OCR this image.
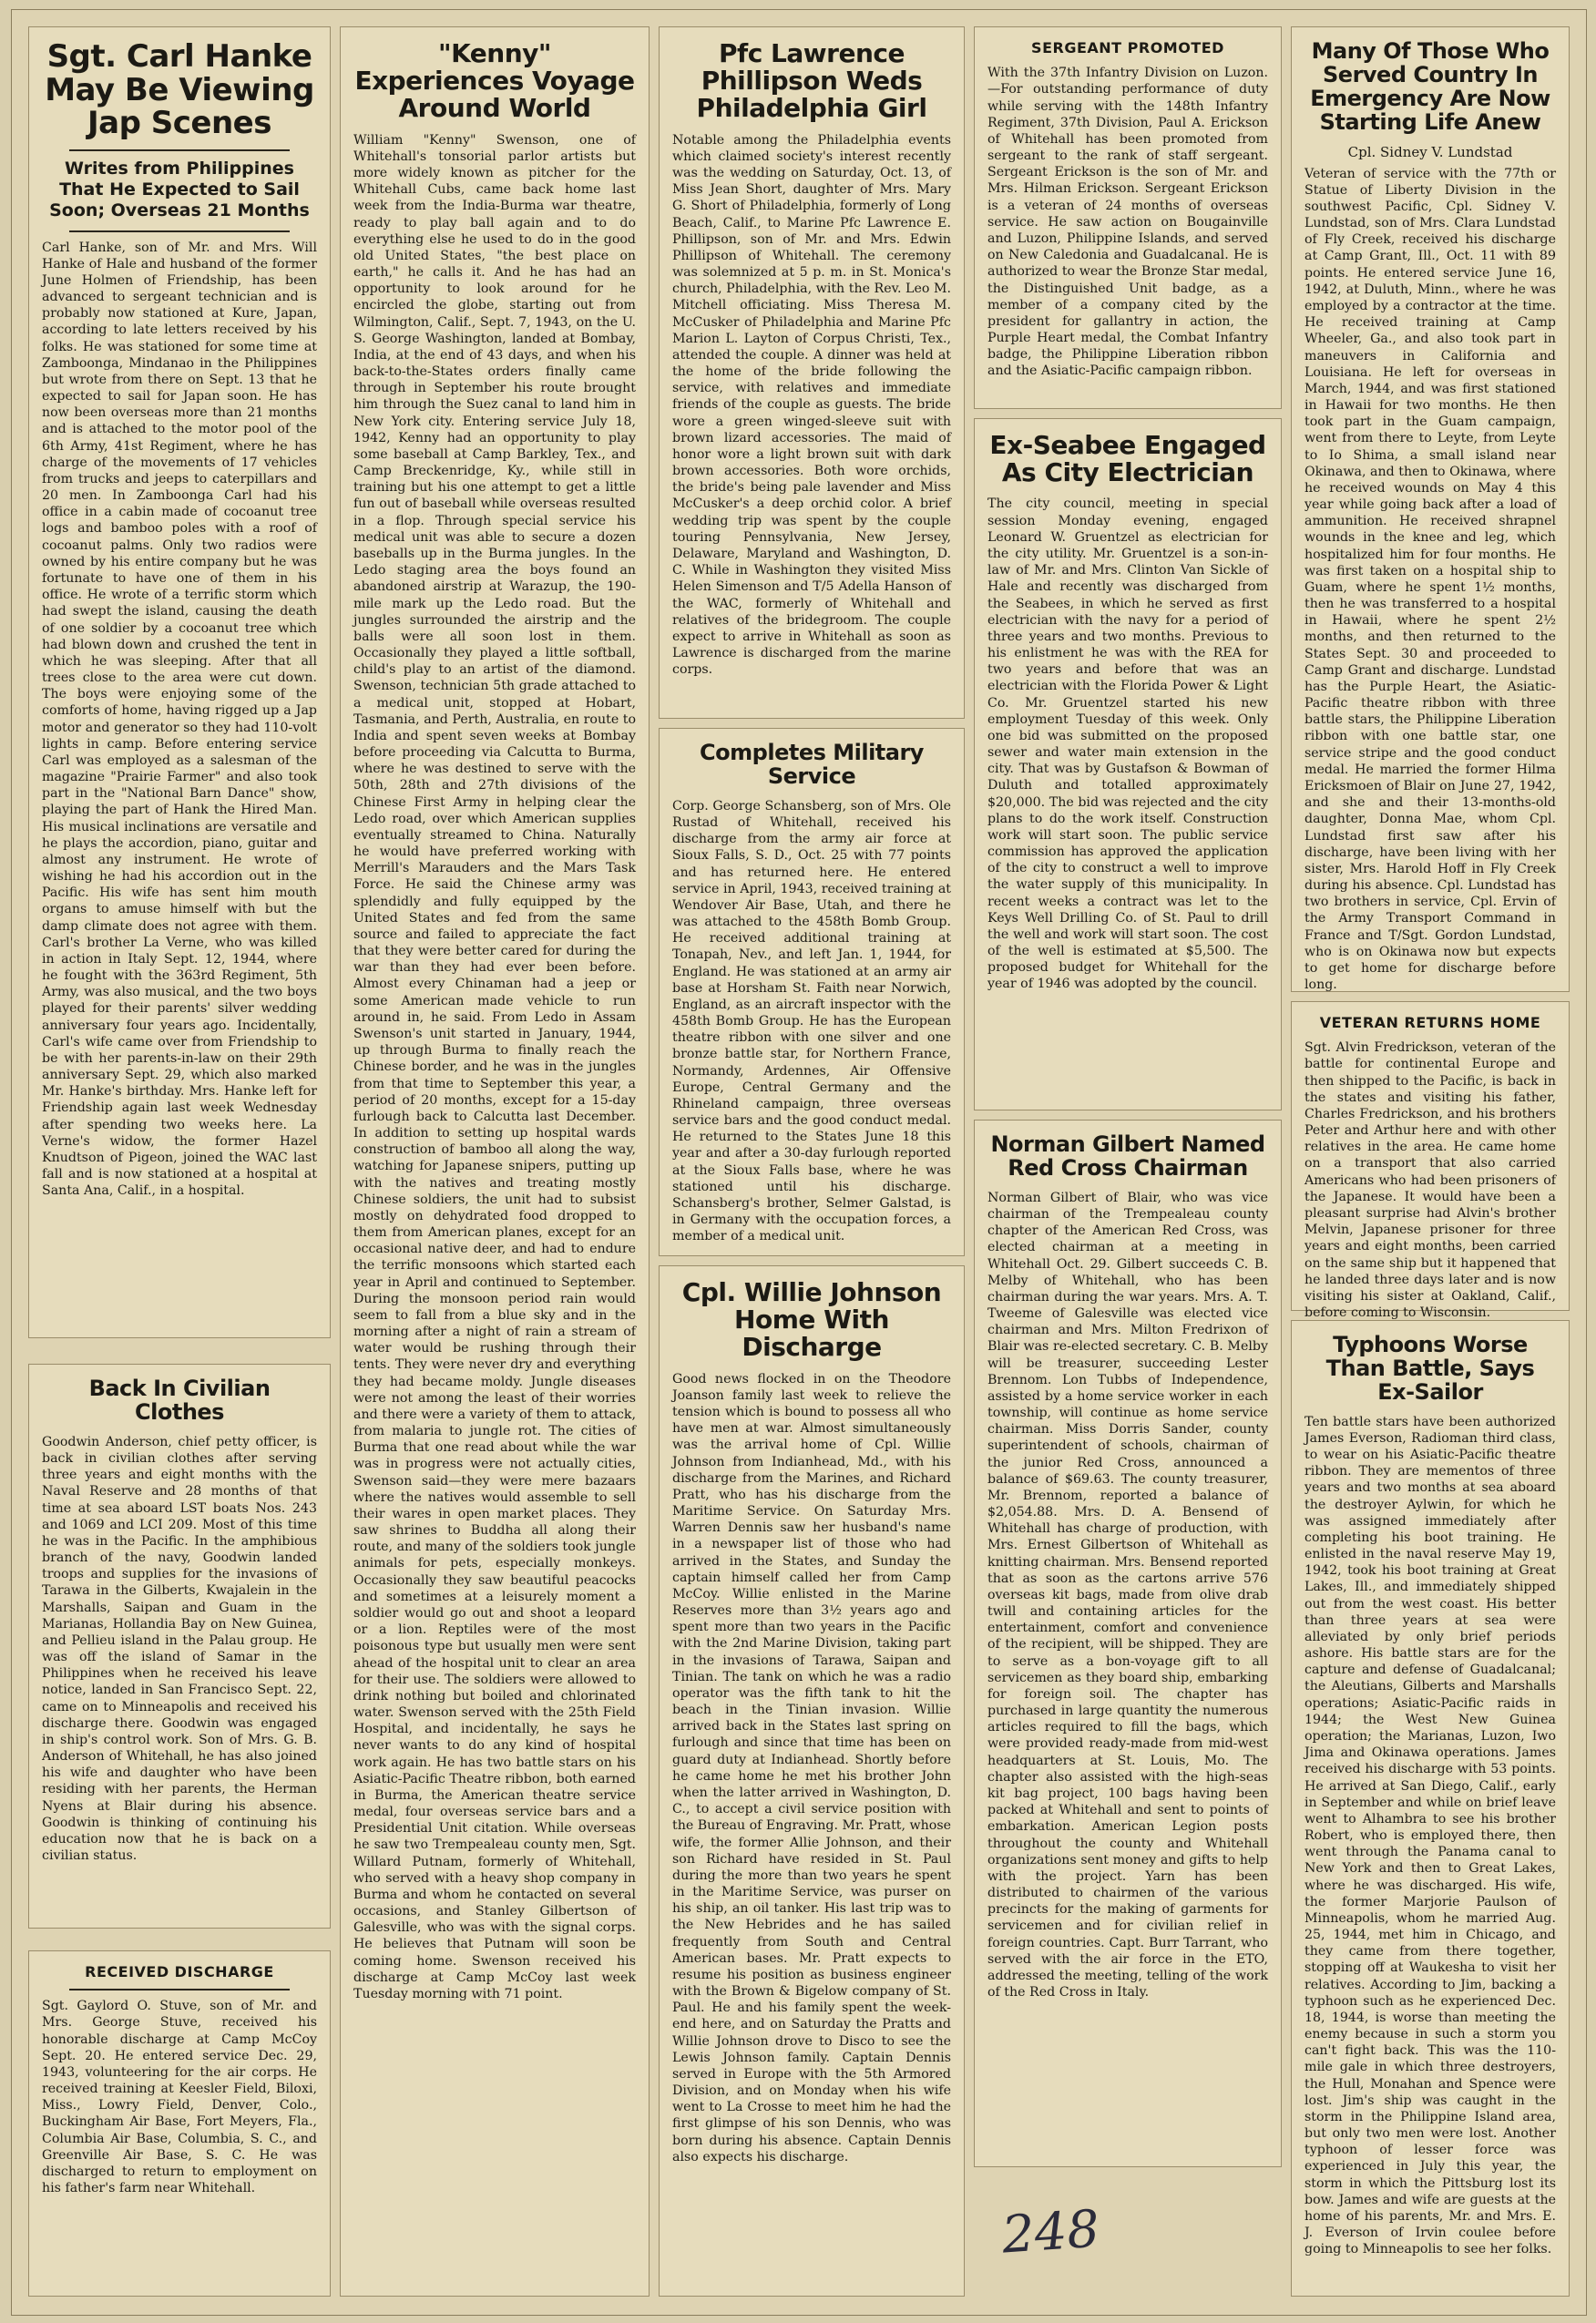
Sgt. Carl Hanke May Be Viewing Jap Scenes
Writes from Philippines That He Expected to Sail Soon; Overseas 21 Months

Carl Hanke, son of Mr. and Mrs. Will Hanke of Hale and husband of the former June Holmen of Friendship, has been advanced to sergeant technician and is probably now stationed at Kure, Japan, according to late letters received by his folks. He was stationed for some time at Zamboonga, Mindanao in the Philippines but wrote from there on Sept. 13 that he expected to sail for Japan soon. He has now been overseas more than 21 months and is attached to the motor pool of the 6th Army, 41st Regiment, where he has charge of the movements of 17 vehicles from trucks and jeeps to caterpillars and 20 men. In Zamboonga Carl had his office in a cabin made of cocoanut tree logs and bamboo poles with a roof of cocoanut palms. Only two radios were owned by his entire company but he was fortunate to have one of them in his office. He wrote of a terrific storm which had swept the island, causing the death of one soldier by a cocoanut tree which had blown down and crushed the tent in which he was sleeping. After that all trees close to the area were cut down. The boys were enjoying some of the comforts of home, having rigged up a Jap motor and generator so they had 110-volt lights in camp. Before entering service Carl was employed as a salesman of the magazine "Prairie Farmer" and also took part in the "National Barn Dance" show, playing the part of Hank the Hired Man. His musical inclinations are versatile and he plays the accordion, piano, guitar and almost any instrument. He wrote of wishing he had his accordion out in the Pacific. His wife has sent him mouth organs to amuse himself with but the damp climate does not agree with them. Carl's brother La Verne, who was killed in action in Italy Sept. 12, 1944, where he fought with the 363rd Regiment, 5th Army, was also musical, and the two boys played for their parents' silver wedding anniversary four years ago. Incidentally, Carl's wife came over from Friendship to be with her parents-in-law on their 29th anniversary Sept. 29, which also marked Mr. Hanke's birthday. Mrs. Hanke left for Friendship again last week Wednesday after spending two weeks here. La Verne's widow, the former Hazel Knudtson of Pigeon, joined the WAC last fall and is now stationed at a hospital at Santa Ana, Calif., in a hospital.

Back In Civilian Clothes

Goodwin Anderson, chief petty officer, is back in civilian clothes after serving three years and eight months with the Naval Reserve and 28 months of that time at sea aboard LST boats Nos. 243 and 1069 and LCI 209. Most of this time he was in the Pacific. In the amphibious branch of the navy, Goodwin landed troops and supplies for the invasions of Tarawa in the Gilberts, Kwajalein in the Marshalls, Saipan and Guam in the Marianas, Hollandia Bay on New Guinea, and Pellieu island in the Palau group. He was off the island of Samar in the Philippines when he received his leave notice, landed in San Francisco Sept. 22, came on to Minneapolis and received his discharge there. Goodwin was engaged in ship's control work. Son of Mrs. G. B. Anderson of Whitehall, he has also joined his wife and daughter who have been residing with her parents, the Herman Nyens at Blair during his absence. Goodwin is thinking of continuing his education now that he is back on a civilian status.

RECEIVED DISCHARGE

Sgt. Gaylord O. Stuve, son of Mr. and Mrs. George Stuve, received his honorable discharge at Camp McCoy Sept. 20. He entered service Dec. 29, 1943, volunteering for the air corps. He received training at Keesler Field, Biloxi, Miss., Lowry Field, Denver, Colo., Buckingham Air Base, Fort Meyers, Fla., Columbia Air Base, Columbia, S. C., and Greenville Air Base, S. C. He was discharged to return to employment on his father's farm near Whitehall.

"Kenny" Experiences Voyage Around World

William "Kenny" Swenson, one of Whitehall's tonsorial parlor artists but more widely known as pitcher for the Whitehall Cubs, came back home last week from the India-Burma war theatre, ready to play ball again and to do everything else he used to do in the good old United States, "the best place on earth," he calls it. And he has had an opportunity to look around for he encircled the globe, starting out from Wilmington, Calif., Sept. 7, 1943, on the U. S. George Washington, landed at Bombay, India, at the end of 43 days, and when his back-to-the-States orders finally came through in September his route brought him through the Suez canal to land him in New York city. Entering service July 18, 1942, Kenny had an opportunity to play some baseball at Camp Barkley, Tex., and Camp Breckenridge, Ky., while still in training but his one attempt to get a little fun out of baseball while overseas resulted in a flop. Through special service his medical unit was able to secure a dozen baseballs up in the Burma jungles. In the Ledo staging area the boys found an abandoned airstrip at Warazup, the 190-mile mark up the Ledo road. But the jungles surrounded the airstrip and the balls were all soon lost in them. Occasionally they played a little softball, child's play to an artist of the diamond. Swenson, technician 5th grade attached to a medical unit, stopped at Hobart, Tasmania, and Perth, Australia, en route to India and spent seven weeks at Bombay before proceeding via Calcutta to Burma, where he was destined to serve with the 50th, 28th and 27th divisions of the Chinese First Army in helping clear the Ledo road, over which American supplies eventually streamed to China. Naturally he would have preferred working with Merrill's Marauders and the Mars Task Force. He said the Chinese army was splendidly and fully equipped by the United States and fed from the same source and failed to appreciate the fact that they were better cared for during the war than they had ever been before. Almost every Chinaman had a jeep or some American made vehicle to run around in, he said. From Ledo in Assam Swenson's unit started in January, 1944, up through Burma to finally reach the Chinese border, and he was in the jungles from that time to September this year, a period of 20 months, except for a 15-day furlough back to Calcutta last December. In addition to setting up hospital wards construction of bamboo all along the way, watching for Japanese snipers, putting up with the natives and treating mostly Chinese soldiers, the unit had to subsist mostly on dehydrated food dropped to them from American planes, except for an occasional native deer, and had to endure the terrific monsoons which started each year in April and continued to September. During the monsoon period rain would seem to fall from a blue sky and in the morning after a night of rain a stream of water would be rushing through their tents. They were never dry and everything they had became moldy. Jungle diseases were not among the least of their worries and there were a variety of them to attack, from malaria to jungle rot. The cities of Burma that one read about while the war was in progress were not actually cities, Swenson said—they were mere bazaars where the natives would assemble to sell their wares in open market places. They saw shrines to Buddha all along their route, and many of the soldiers took jungle animals for pets, especially monkeys. Occasionally they saw beautiful peacocks and sometimes at a leisurely moment a soldier would go out and shoot a leopard or a lion. Reptiles were of the most poisonous type but usually men were sent ahead of the hospital unit to clear an area for their use. The soldiers were allowed to drink nothing but boiled and chlorinated water. Swenson served with the 25th Field Hospital, and incidentally, he says he never wants to do any kind of hospital work again. He has two battle stars on his Asiatic-Pacific Theatre ribbon, both earned in Burma, the American theatre service medal, four overseas service bars and a Presidential Unit citation. While overseas he saw two Trempealeau county men, Sgt. Willard Putnam, formerly of Whitehall, who served with a heavy shop company in Burma and whom he contacted on several occasions, and Stanley Gilbertson of Galesville, who was with the signal corps. He believes that Putnam will soon be coming home. Swenson received his discharge at Camp McCoy last week Tuesday morning with 71 point.

Pfc Lawrence Phillipson Weds Philadelphia Girl

Notable among the Philadelphia events which claimed society's interest recently was the wedding on Saturday, Oct. 13, of Miss Jean Short, daughter of Mrs. Mary G. Short of Philadelphia, formerly of Long Beach, Calif., to Marine Pfc Lawrence E. Phillipson, son of Mr. and Mrs. Edwin Phillipson of Whitehall. The ceremony was solemnized at 5 p. m. in St. Monica's church, Philadelphia, with the Rev. Leo M. Mitchell officiating. Miss Theresa M. McCusker of Philadelphia and Marine Pfc Marion L. Layton of Corpus Christi, Tex., attended the couple. A dinner was held at the home of the bride following the service, with relatives and immediate friends of the couple as guests. The bride wore a green winged-sleeve suit with brown lizard accessories. The maid of honor wore a light brown suit with dark brown accessories. Both wore orchids, the bride's being pale lavender and Miss McCusker's a deep orchid color. A brief wedding trip was spent by the couple touring Pennsylvania, New Jersey, Delaware, Maryland and Washington, D. C. While in Washington they visited Miss Helen Simenson and T/5 Adella Hanson of the WAC, formerly of Whitehall and relatives of the bridegroom. The couple expect to arrive in Whitehall as soon as Lawrence is discharged from the marine corps.

Completes Military Service

Corp. George Schansberg, son of Mrs. Ole Rustad of Whitehall, received his discharge from the army air force at Sioux Falls, S. D., Oct. 25 with 77 points and has returned here. He entered service in April, 1943, received training at Wendover Air Base, Utah, and there he was attached to the 458th Bomb Group. He received additional training at Tonapah, Nev., and left Jan. 1, 1944, for England. He was stationed at an army air base at Horsham St. Faith near Norwich, England, as an aircraft inspector with the 458th Bomb Group. He has the European theatre ribbon with one silver and one bronze battle star, for Northern France, Normandy, Ardennes, Air Offensive Europe, Central Germany and the Rhineland campaign, three overseas service bars and the good conduct medal. He returned to the States June 18 this year and after a 30-day furlough reported at the Sioux Falls base, where he was stationed until his discharge. Schansberg's brother, Selmer Galstad, is in Germany with the occupation forces, a member of a medical unit.

Cpl. Willie Johnson Home With Discharge

Good news flocked in on the Theodore Joanson family last week to relieve the tension which is bound to possess all who have men at war. Almost simultaneously was the arrival home of Cpl. Willie Johnson from Indianhead, Md., with his discharge from the Marines, and Richard Pratt, who has his discharge from the Maritime Service. On Saturday Mrs. Warren Dennis saw her husband's name in a newspaper list of those who had arrived in the States, and Sunday the captain himself called her from Camp McCoy. Willie enlisted in the Marine Reserves more than 3½ years ago and spent more than two years in the Pacific with the 2nd Marine Division, taking part in the invasions of Tarawa, Saipan and Tinian. The tank on which he was a radio operator was the fifth tank to hit the beach in the Tinian invasion. Willie arrived back in the States last spring on furlough and since that time has been on guard duty at Indianhead. Shortly before he came home he met his brother John when the latter arrived in Washington, D. C., to accept a civil service position with the Bureau of Engraving. Mr. Pratt, whose wife, the former Allie Johnson, and their son Richard have resided in St. Paul during the more than two years he spent in the Maritime Service, was purser on his ship, an oil tanker. His last trip was to the New Hebrides and he has sailed frequently from South and Central American bases. Mr. Pratt expects to resume his position as business engineer with the Brown & Bigelow company of St. Paul. He and his family spent the week-end here, and on Saturday the Pratts and Willie Johnson drove to Disco to see the Lewis Johnson family. Captain Dennis served in Europe with the 5th Armored Division, and on Monday when his wife went to La Crosse to meet him he had the first glimpse of his son Dennis, who was born during his absence. Captain Dennis also expects his discharge.

SERGEANT PROMOTED

With the 37th Infantry Division on Luzon.—For outstanding performance of duty while serving with the 148th Infantry Regiment, 37th Division, Paul A. Erickson of Whitehall has been promoted from sergeant to the rank of staff sergeant. Sergeant Erickson is the son of Mr. and Mrs. Hilman Erickson. Sergeant Erickson is a veteran of 24 months of overseas service. He saw action on Bougainville and Luzon, Philippine Islands, and served on New Caledonia and Guadalcanal. He is authorized to wear the Bronze Star medal, the Distinguished Unit badge, as a member of a company cited by the president for gallantry in action, the Purple Heart medal, the Combat Infantry badge, the Philippine Liberation ribbon and the Asiatic-Pacific campaign ribbon.

Ex-Seabee Engaged As City Electrician

The city council, meeting in special session Monday evening, engaged Leonard W. Gruentzel as electrician for the city utility. Mr. Gruentzel is a son-in-law of Mr. and Mrs. Clinton Van Sickle of Hale and recently was discharged from the Seabees, in which he served as first electrician with the navy for a period of three years and two months. Previous to his enlistment he was with the REA for two years and before that was an electrician with the Florida Power & Light Co. Mr. Gruentzel started his new employment Tuesday of this week. Only one bid was submitted on the proposed sewer and water main extension in the city. That was by Gustafson & Bowman of Duluth and totalled approximately $20,000. The bid was rejected and the city plans to do the work itself. Construction work will start soon. The public service commission has approved the application of the city to construct a well to improve the water supply of this municipality. In recent weeks a contract was let to the Keys Well Drilling Co. of St. Paul to drill the well and work will start soon. The cost of the well is estimated at $5,500. The proposed budget for Whitehall for the year of 1946 was adopted by the council.

Norman Gilbert Named Red Cross Chairman

Norman Gilbert of Blair, who was vice chairman of the Trempealeau county chapter of the American Red Cross, was elected chairman at a meeting in Whitehall Oct. 29. Gilbert succeeds C. B. Melby of Whitehall, who has been chairman during the war years. Mrs. A. T. Tweeme of Galesville was elected vice chairman and Mrs. Milton Fredrixon of Blair was re-elected secretary. C. B. Melby will be treasurer, succeeding Lester Brennom. Lon Tubbs of Independence, assisted by a home service worker in each township, will continue as home service chairman. Miss Dorris Sander, county superintendent of schools, chairman of the junior Red Cross, announced a balance of $69.63. The county treasurer, Mr. Brennom, reported a balance of $2,054.88. Mrs. D. A. Bensend of Whitehall has charge of production, with Mrs. Ernest Gilbertson of Whitehall as knitting chairman. Mrs. Bensend reported that as soon as the cartons arrive 576 overseas kit bags, made from olive drab twill and containing articles for the entertainment, comfort and convenience of the recipient, will be shipped. They are to serve as a bon-voyage gift to all servicemen as they board ship, embarking for foreign soil. The chapter has purchased in large quantity the numerous articles required to fill the bags, which were provided ready-made from mid-west headquarters at St. Louis, Mo. The chapter also assisted with the high-seas kit bag project, 100 bags having been packed at Whitehall and sent to points of embarkation. American Legion posts throughout the county and Whitehall organizations sent money and gifts to help with the project. Yarn has been distributed to chairmen of the various precincts for the making of garments for servicemen and for civilian relief in foreign countries. Capt. Burr Tarrant, who served with the air force in the ETO, addressed the meeting, telling of the work of the Red Cross in Italy.

Many Of Those Who Served Country In Emergency Are Now Starting Life Anew
Cpl. Sidney V. Lundstad

Veteran of service with the 77th or Statue of Liberty Division in the southwest Pacific, Cpl. Sidney V. Lundstad, son of Mrs. Clara Lundstad of Fly Creek, received his discharge at Camp Grant, Ill., Oct. 11 with 89 points. He entered service June 16, 1942, at Duluth, Minn., where he was employed by a contractor at the time. He received training at Camp Wheeler, Ga., and also took part in maneuvers in California and Louisiana. He left for overseas in March, 1944, and was first stationed in Hawaii for two months. He then took part in the Guam campaign, went from there to Leyte, from Leyte to Io Shima, a small island near Okinawa, and then to Okinawa, where he received wounds on May 4 this year while going back after a load of ammunition. He received shrapnel wounds in the knee and leg, which hospitalized him for four months. He was first taken on a hospital ship to Guam, where he spent 1½ months, then he was transferred to a hospital in Hawaii, where he spent 2½ months, and then returned to the States Sept. 30 and proceeded to Camp Grant and discharge. Lundstad has the Purple Heart, the Asiatic-Pacific theatre ribbon with three battle stars, the Philippine Liberation ribbon with one battle star, one service stripe and the good conduct medal. He married the former Hilma Ericksmoen of Blair on June 27, 1942, and she and their 13-months-old daughter, Donna Mae, whom Cpl. Lundstad first saw after his discharge, have been living with her sister, Mrs. Harold Hoff in Fly Creek during his absence. Cpl. Lundstad has two brothers in service, Cpl. Ervin of the Army Transport Command in France and T/Sgt. Gordon Lundstad, who is on Okinawa now but expects to get home for discharge before long.

VETERAN RETURNS HOME

Sgt. Alvin Fredrickson, veteran of the battle for continental Europe and then shipped to the Pacific, is back in the states and visiting his father, Charles Fredrickson, and his brothers Peter and Arthur here and with other relatives in the area. He came home on a transport that also carried Americans who had been prisoners of the Japanese. It would have been a pleasant surprise had Alvin's brother Melvin, Japanese prisoner for three years and eight months, been carried on the same ship but it happened that he landed three days later and is now visiting his sister at Oakland, Calif., before coming to Wisconsin.

Typhoons Worse Than Battle, Says Ex-Sailor

Ten battle stars have been authorized James Everson, Radioman third class, to wear on his Asiatic-Pacific theatre ribbon. They are mementos of three years and two months at sea aboard the destroyer Aylwin, for which he was assigned immediately after completing his boot training. He enlisted in the naval reserve May 19, 1942, took his boot training at Great Lakes, Ill., and immediately shipped out from the west coast. His better than three years at sea were alleviated by only brief periods ashore. His battle stars are for the capture and defense of Guadalcanal; the Aleutians, Gilberts and Marshalls operations; Asiatic-Pacific raids in 1944; the West New Guinea operation; the Marianas, Luzon, Iwo Jima and Okinawa operations. James received his discharge with 53 points. He arrived at San Diego, Calif., early in September and while on brief leave went to Alhambra to see his brother Robert, who is employed there, then went through the Panama canal to New York and then to Great Lakes, where he was discharged. His wife, the former Marjorie Paulson of Minneapolis, whom he married Aug. 25, 1944, met him in Chicago, and they came from there together, stopping off at Waukesha to visit her relatives. According to Jim, backing a typhoon such as he experienced Dec. 18, 1944, is worse than meeting the enemy because in such a storm you can't fight back. This was the 110-mile gale in which three destroyers, the Hull, Monahan and Spence were lost. Jim's ship was caught in the storm in the Philippine Island area, but only two men were lost. Another typhoon of lesser force was experienced in July this year, the storm in which the Pittsburg lost its bow. James and wife are guests at the home of his parents, Mr. and Mrs. E. J. Everson of Irvin coulee before going to Minneapolis to see her folks.

248
